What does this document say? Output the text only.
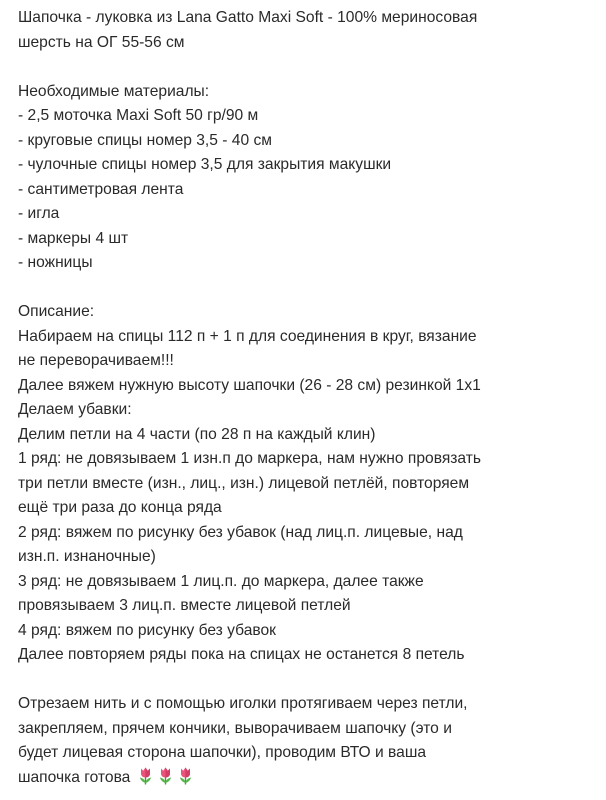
Шапочка - луковка из Lana Gatto Maxi Soft - 100% мериносовая
шерсть на ОГ 55-56 см
Необходимые материалы:
- 2,5 моточка Maxi Soft 50 гр/90 м
- круговые спицы номер 3,5 - 40 см
- чулочные спицы номер 3,5 для закрытия макушки
- сантиметровая лента
- игла
- маркеры 4 шт
- ножницы
Описание:
Набираем на спицы 112 п + 1 п для соединения в круг, вязание
не переворачиваем!!!
Далее вяжем нужную высоту шапочки (26 - 28 см) резинкой 1х1
Делаем убавки:
Делим петли на 4 части (по 28 п на каждый клин)
1 ряд: не довязываем 1 изн.п до маркера, нам нужно провязать
три петли вместе (изн., лиц., изн.) лицевой петлёй, повторяем
ещё три раза до конца ряда
2 ряд: вяжем по рисунку без убавок (над лиц.п. лицевые, над
изн.п. изнаночные)
3 ряд: не довязываем 1 лиц.п. до маркера, далее также
провязываем 3 лиц.п. вместе лицевой петлей
4 ряд: вяжем по рисунку без убавок
Далее повторяем ряды пока на спицах не останется 8 петель
Отрезаем нить и с помощью иголки протягиваем через петли,
закрепляем, прячем кончики, выворачиваем шапочку (это и
будет лицевая сторона шапочки), проводим ВТО и ваша
шапочка готова
